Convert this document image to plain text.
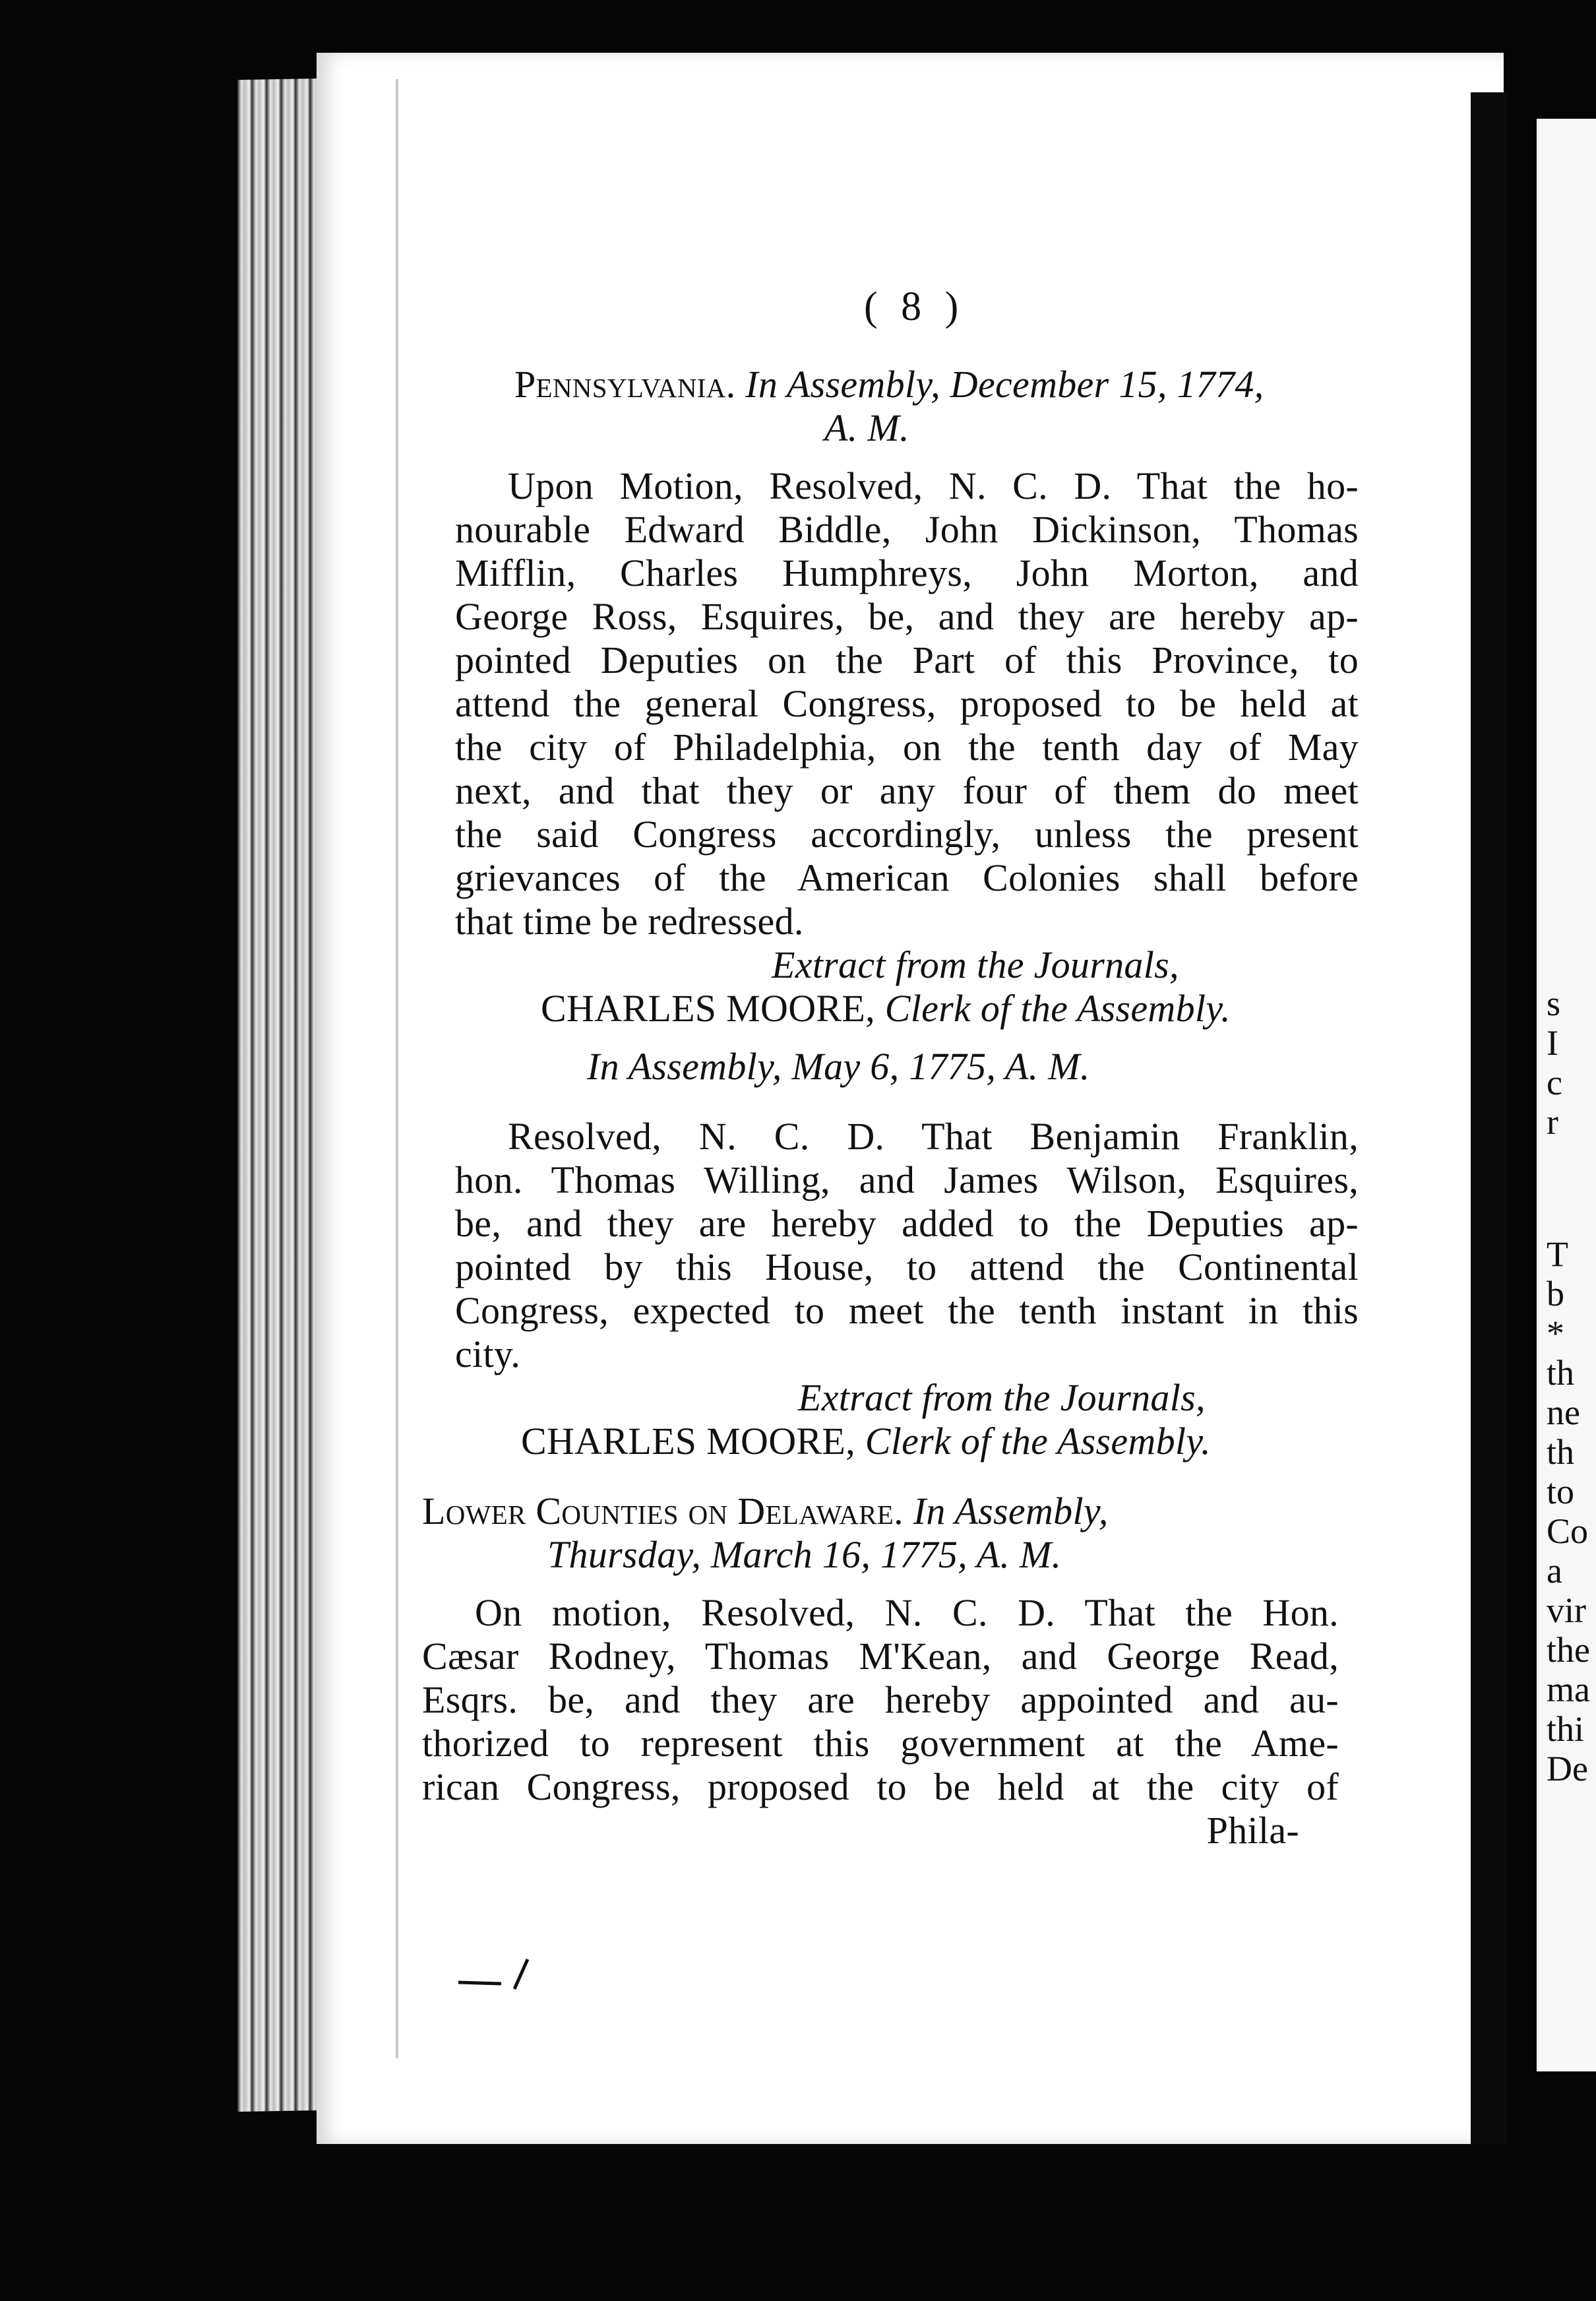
( 8 )
Pennsylvania. In Assembly, December 15, 1774,
A. M.
Upon Motion, Resolved, N. C. D. That the ho-
nourable Edward Biddle, John Dickinson, Thomas
Mifflin, Charles Humphreys, John Morton, and
George Ross, Esquires, be, and they are hereby ap-
pointed Deputies on the Part of this Province, to
attend the general Congress, proposed to be held at
the city of Philadelphia, on the tenth day of May
next, and that they or any four of them do meet
the said Congress accordingly, unless the present
grievances of the American Colonies shall before
that time be redressed.
Extract from the Journals,
CHARLES MOORE, Clerk of the Assembly.
In Assembly, May 6, 1775, A. M.
Resolved, N. C. D. That Benjamin Franklin,
hon. Thomas Willing, and James Wilson, Esquires,
be, and they are hereby added to the Deputies ap-
pointed by this House, to attend the Continental
Congress, expected to meet the tenth instant in this
city.
Extract from the Journals,
CHARLES MOORE, Clerk of the Assembly.
Lower Counties on Delaware. In Assembly,
Thursday, March 16, 1775, A. M.
On motion, Resolved, N. C. D. That the Hon.
Cæsar Rodney, Thomas M'Kean, and George Read,
Esqrs. be, and they are hereby appointed and au-
thorized to represent this government at the Ame-
rican Congress, proposed to be held at the city of
Phila-
s
I
c
r
T
b
*
th
ne
th
to
Co
a
vir
the
ma
thi
De
